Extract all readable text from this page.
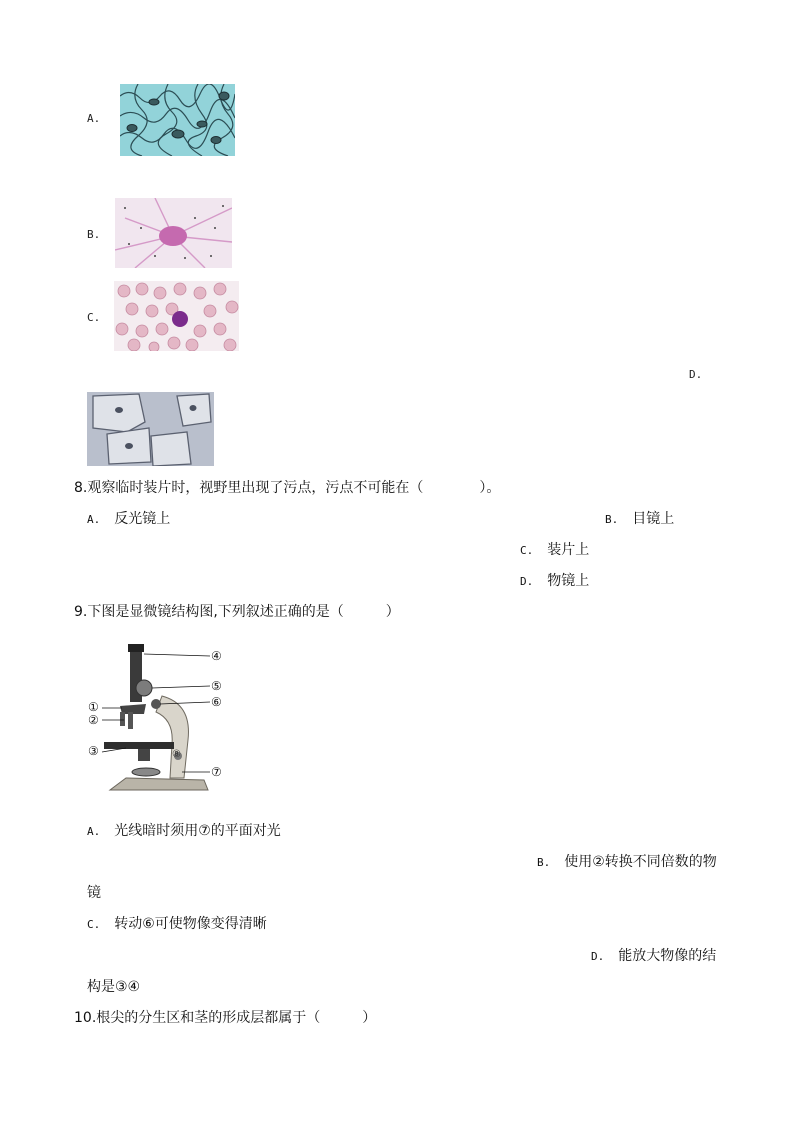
A.
B.
C.
D.
8.观察临时装片时，视野里出现了污点，污点不可能在（　　　　）。
A. 反光镜上	B. 目镜上
C. 装片上
D. 物镜上
9.下图是显微镜结构图,下列叙述正确的是（　　　）
④
⑤
⑥
①
②
③	⑧
⑦
A. 光线暗时须用⑦的平面对光
B. 使用②转换不同倍数的物
镜
C. 转动⑥可使物像变得清晰
D. 能放大物像的结
构是③④
10.根尖的分生区和茎的形成层都属于（　　　）
